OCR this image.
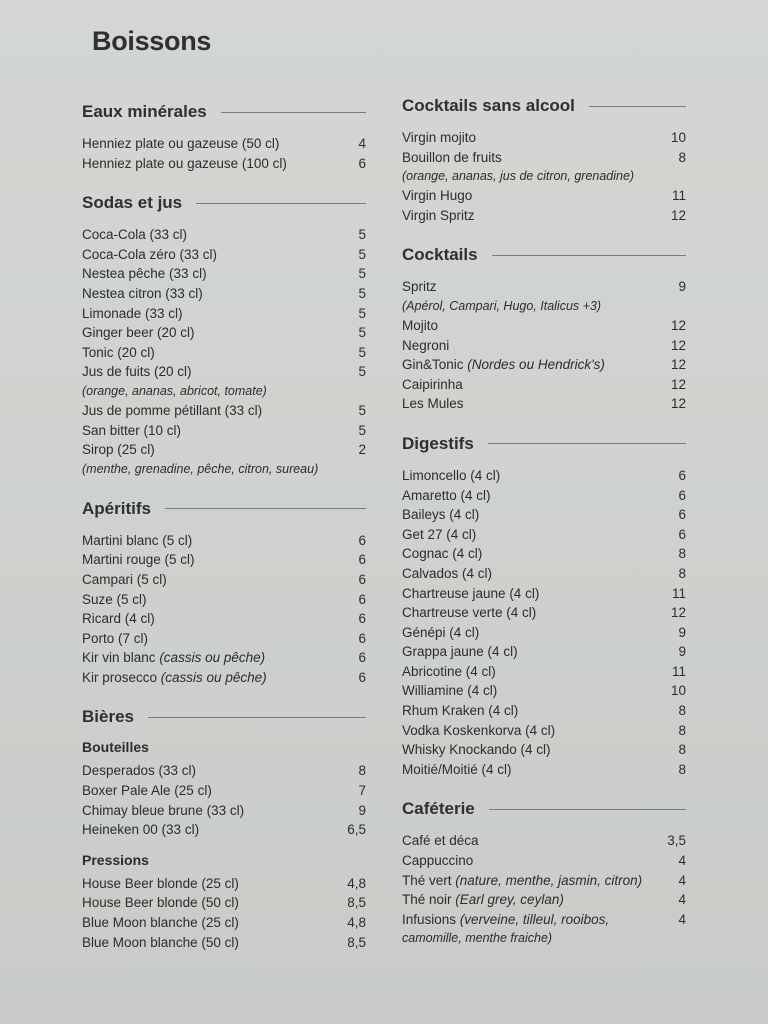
Boissons
Eaux minérales
Henniez plate ou gazeuse (50 cl)	4
Henniez plate ou gazeuse (100 cl)	6
Sodas et jus
Coca-Cola (33 cl)	5
Coca-Cola zéro (33 cl)	5
Nestea pêche (33 cl)	5
Nestea citron (33 cl)	5
Limonade (33 cl)	5
Ginger beer (20 cl)	5
Tonic (20 cl)	5
Jus de fuits (20 cl)	5
(orange, ananas, abricot, tomate)
Jus de pomme pétillant (33 cl)	5
San bitter (10 cl)	5
Sirop (25 cl)	2
(menthe, grenadine, pêche, citron, sureau)
Apéritifs
Martini blanc (5 cl)	6
Martini rouge (5 cl)	6
Campari (5 cl)	6
Suze (5 cl)	6
Ricard (4 cl)	6
Porto (7 cl)	6
Kir vin blanc (cassis ou pêche)	6
Kir prosecco (cassis ou pêche)	6
Bières
Bouteilles
Desperados (33 cl)	8
Boxer Pale Ale (25 cl)	7
Chimay bleue brune (33 cl)	9
Heineken 00 (33 cl)	6,5
Pressions
House Beer blonde (25 cl)	4,8
House Beer blonde (50 cl)	8,5
Blue Moon blanche (25 cl)	4,8
Blue Moon blanche (50 cl)	8,5
Cocktails sans alcool
Virgin mojito	10
Bouillon de fruits	8
(orange, ananas, jus de citron, grenadine)
Virgin Hugo	11
Virgin Spritz	12
Cocktails
Spritz	9
(Apérol, Campari, Hugo, Italicus +3)
Mojito	12
Negroni	12
Gin&Tonic (Nordes ou Hendrick's)	12
Caipirinha	12
Les Mules	12
Digestifs
Limoncello (4 cl)	6
Amaretto (4 cl)	6
Baileys (4 cl)	6
Get 27 (4 cl)	6
Cognac (4 cl)	8
Calvados (4 cl)	8
Chartreuse jaune (4 cl)	11
Chartreuse verte (4 cl)	12
Génépi (4 cl)	9
Grappa jaune (4 cl)	9
Abricotine (4 cl)	11
Williamine (4 cl)	10
Rhum Kraken (4 cl)	8
Vodka Koskenkorva (4 cl)	8
Whisky Knockando (4 cl)	8
Moitié/Moitié (4 cl)	8
Caféterie
Café et déca	3,5
Cappuccino	4
Thé vert (nature, menthe, jasmin, citron)	4
Thé noir (Earl grey, ceylan)	4
Infusions (verveine, tilleul, rooibos,	4
camomille, menthe fraiche)
